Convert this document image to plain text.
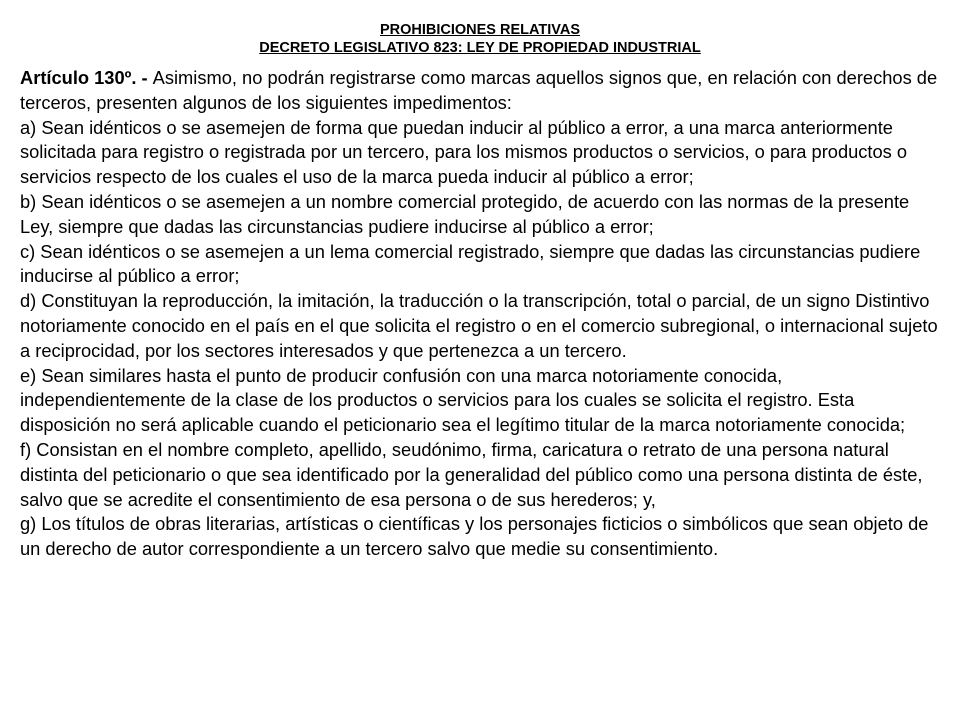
PROHIBICIONES RELATIVAS
DECRETO LEGISLATIVO 823: LEY DE PROPIEDAD INDUSTRIAL

Artículo 130º. - Asimismo, no podrán registrarse como marcas aquellos signos que, en relación con derechos de terceros, presenten algunos de los siguientes impedimentos:

a) Sean idénticos o se asemejen de forma que puedan inducir al público a error, a una marca anteriormente solicitada para registro o registrada por un tercero, para los mismos productos o servicios, o para productos o servicios respecto de los cuales el uso de la marca pueda inducir al público a error;

b) Sean idénticos o se asemejen a un nombre comercial protegido, de acuerdo con las normas de la presente Ley, siempre que dadas las circunstancias pudiere inducirse al público a error;

c) Sean idénticos o se asemejen a un lema comercial registrado, siempre que dadas las circunstancias pudiere inducirse al público a error;

d) Constituyan la reproducción, la imitación, la traducción o la transcripción, total o parcial, de un signo Distintivo notoriamente conocido en el país en el que solicita el registro o en el comercio subregional, o internacional sujeto a reciprocidad, por los sectores interesados y que pertenezca a un tercero.

e) Sean similares hasta el punto de producir confusión con una marca notoriamente conocida, independientemente de la clase de los productos o servicios para los cuales se solicita el registro. Esta disposición no será aplicable cuando el peticionario sea el legítimo titular de la marca notoriamente conocida;

f) Consistan en el nombre completo, apellido, seudónimo, firma, caricatura o retrato de una persona natural distinta del peticionario o que sea identificado por la generalidad del público como una persona distinta de éste, salvo que se acredite el consentimiento de esa persona o de sus herederos; y,

g) Los títulos de obras literarias, artísticas o científicas y los personajes ficticios o simbólicos que sean objeto de un derecho de autor correspondiente a un tercero salvo que medie su consentimiento.
